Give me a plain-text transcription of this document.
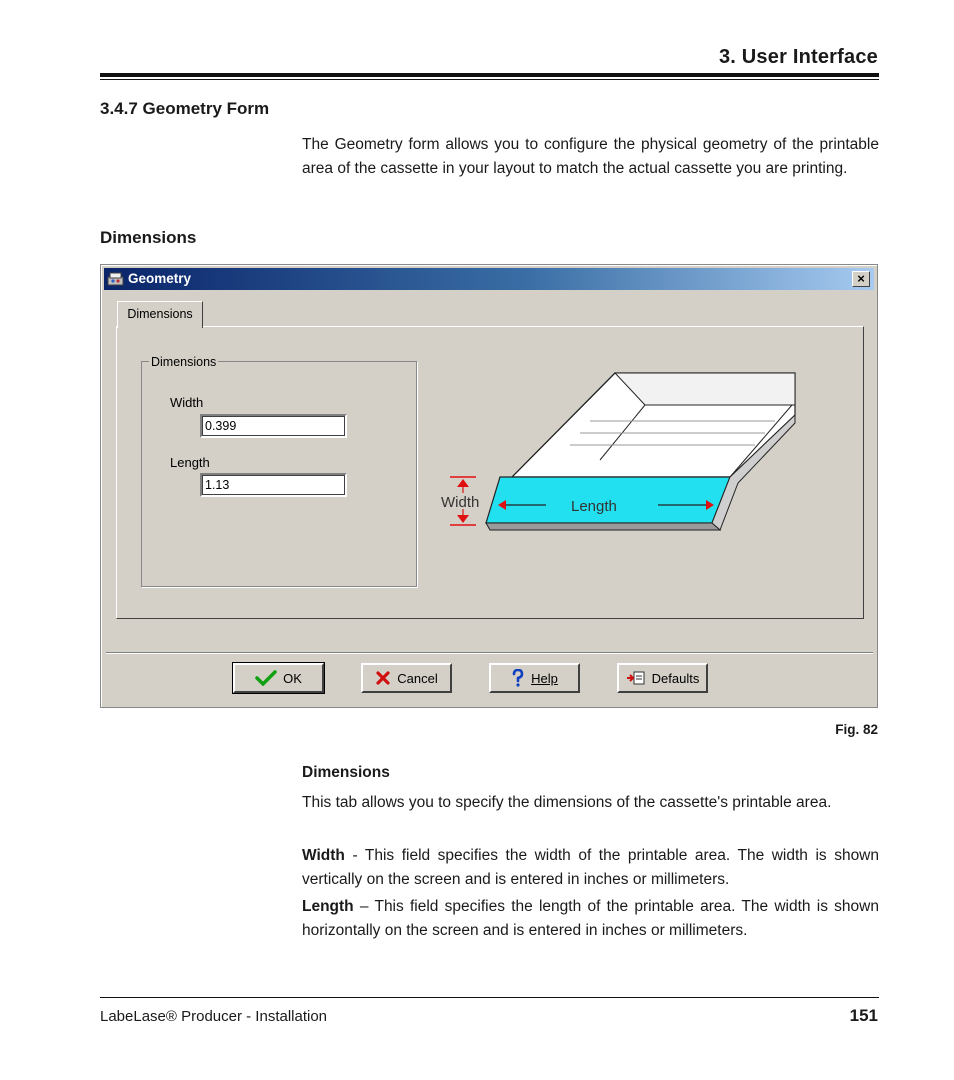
3. User Interface
3.4.7 Geometry Form
The Geometry form allows you to configure the physical geometry of the printable area of the cassette in your layout to match the actual cassette you are printing.
Dimensions
Geometry	×
Dimensions
Dimensions
Width
0.399
Length
1.13
Length
Width
OK	Cancel	Help	Defaults
Fig. 82
Dimensions
This tab allows you to specify the dimensions of the cassette's printable area.
Width - This field specifies the width of the printable area. The width is shown vertically on the screen and is entered in inches or millimeters.
Length – This field specifies the length of the printable area. The width is shown horizontally on the screen and is entered in inches or millimeters.
LabeLase® Producer - Installation	151
